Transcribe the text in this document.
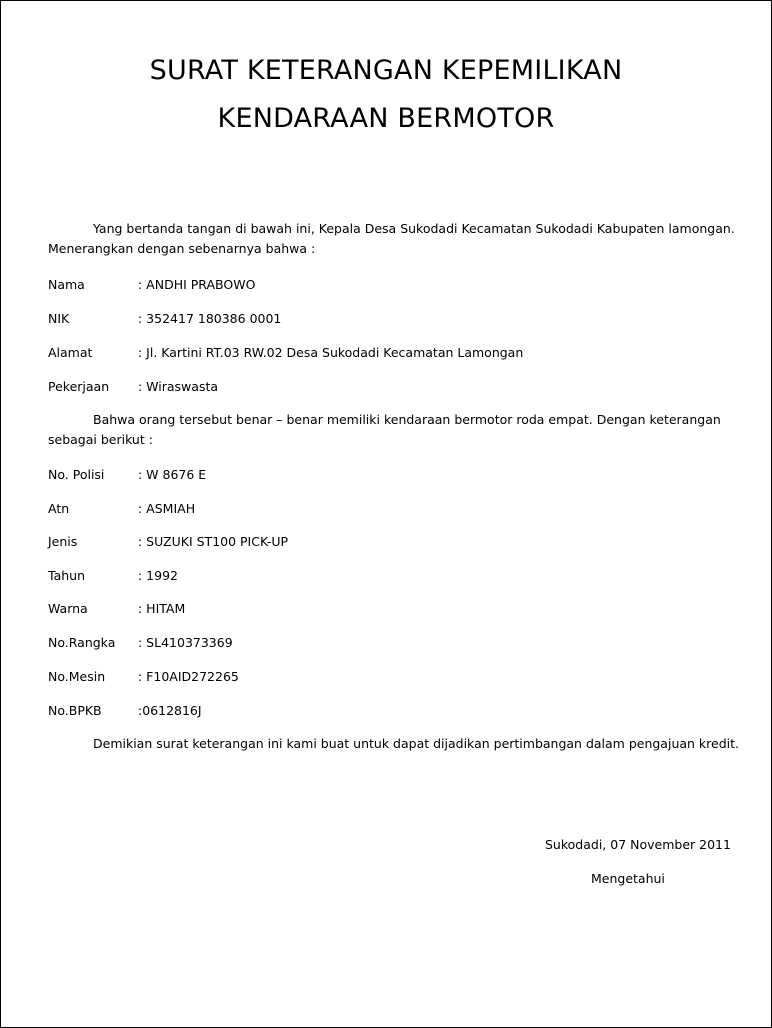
SURAT KETERANGAN KEPEMILIKAN
KENDARAAN BERMOTOR
Yang bertanda tangan di bawah ini, Kepala Desa Sukodadi Kecamatan Sukodadi Kabupaten lamongan.
Menerangkan dengan sebenarnya bahwa :
Nama	: ANDHI PRABOWO
NIK	: 352417 180386 0001
Alamat	: Jl. Kartini RT.03 RW.02 Desa Sukodadi Kecamatan Lamongan
Pekerjaan : Wiraswasta
Bahwa orang tersebut benar – benar memiliki kendaraan bermotor roda empat. Dengan keterangan
sebagai berikut :
No. Polisi	: W 8676 E
Atn	: ASMIAH
Jenis	: SUZUKI ST100 PICK-UP
Tahun	: 1992
Warna	: HITAM
No.Rangka : SL410373369
No.Mesin	: F10AID272265
No.BPKB	:0612816J
Demikian surat keterangan ini kami buat untuk dapat dijadikan pertimbangan dalam pengajuan kredit.
Sukodadi, 07 November 2011
Mengetahui
